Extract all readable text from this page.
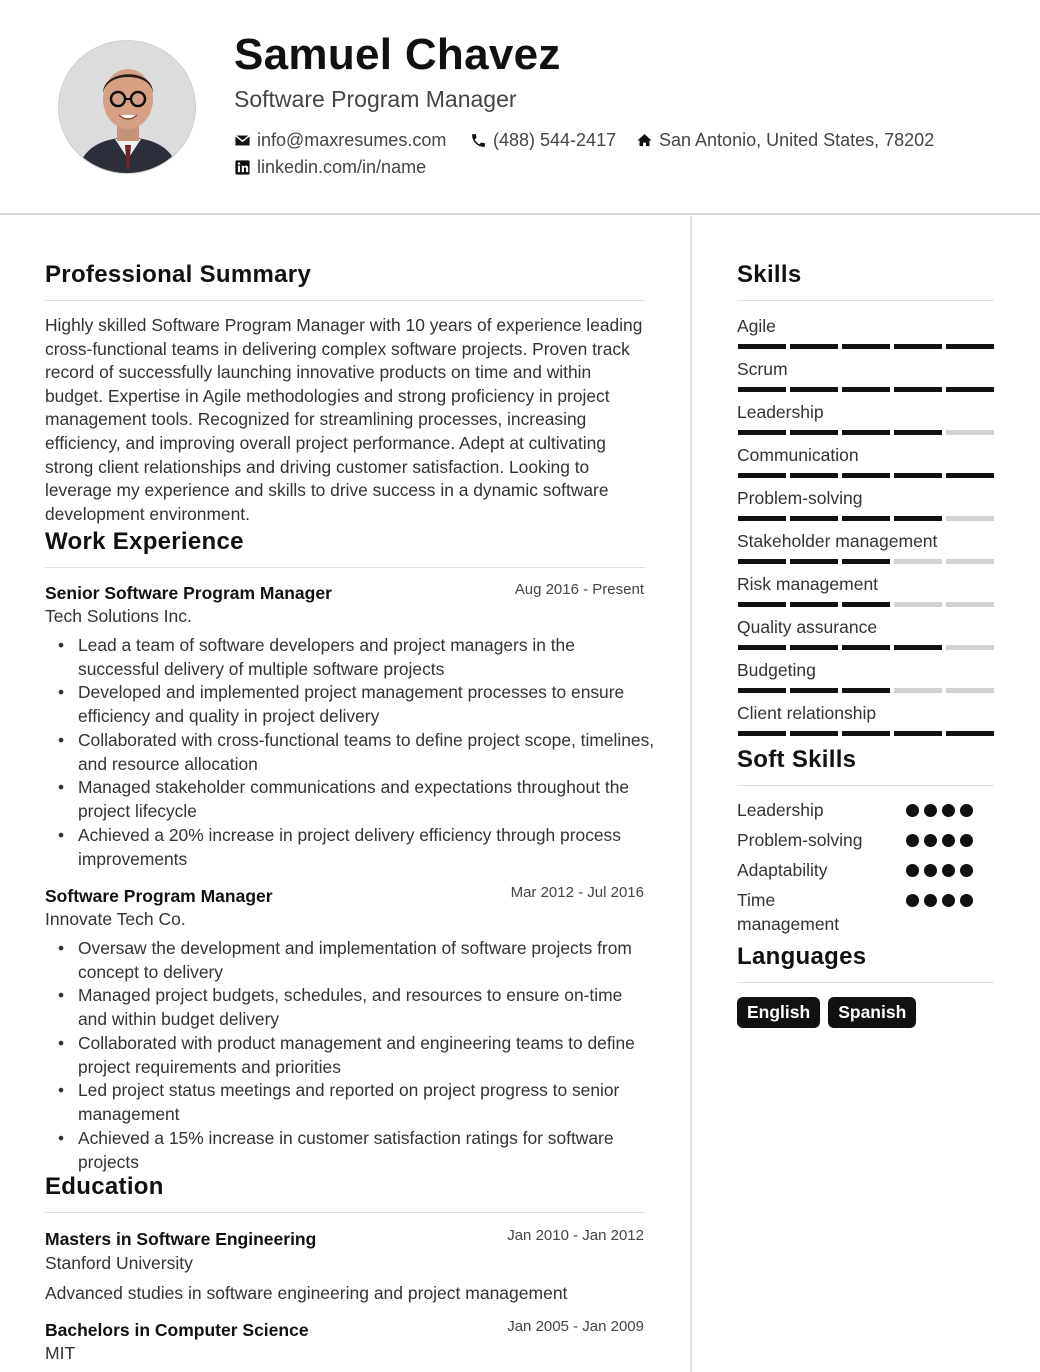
Samuel Chavez
Software Program Manager
info@maxresumes.com	(488) 544-2417 San Antonio, United States, 78202
linkedin.com/in/name
Professional Summary
Highly skilled Software Program Manager with 10 years of experience leading cross-functional teams in delivering complex software projects. Proven track record of successfully launching innovative products on time and within budget. Expertise in Agile methodologies and strong proficiency in project management tools. Recognized for streamlining processes, increasing efficiency, and improving overall project performance. Adept at cultivating strong client relationships and driving customer satisfaction. Looking to leverage my experience and skills to drive success in a dynamic software development environment.
Work Experience
Senior Software Program Manager	Aug 2016 - Present
Tech Solutions Inc.
• Lead a team of software developers and project managers in the successful delivery of multiple software projects
• Developed and implemented project management processes to ensure efficiency and quality in project delivery
• Collaborated with cross-functional teams to define project scope, timelines, and resource allocation
• Managed stakeholder communications and expectations throughout the project lifecycle
• Achieved a 20% increase in project delivery efficiency through process improvements
Software Program Manager	Mar 2012 - Jul 2016
Innovate Tech Co.
• Oversaw the development and implementation of software projects from concept to delivery
• Managed project budgets, schedules, and resources to ensure on-time and within budget delivery
• Collaborated with product management and engineering teams to define project requirements and priorities
• Led project status meetings and reported on project progress to senior management
• Achieved a 15% increase in customer satisfaction ratings for software projects
Education
Masters in Software Engineering	Jan 2010 - Jan 2012
Stanford University
Advanced studies in software engineering and project management
Bachelors in Computer Science	Jan 2005 - Jan 2009
MIT
Skills
Agile
Scrum
Leadership
Communication
Problem-solving
Stakeholder management
Risk management
Quality assurance
Budgeting
Client relationship
Soft Skills
Leadership
Problem-solving
Adaptability
Time management
Languages
English	Spanish
